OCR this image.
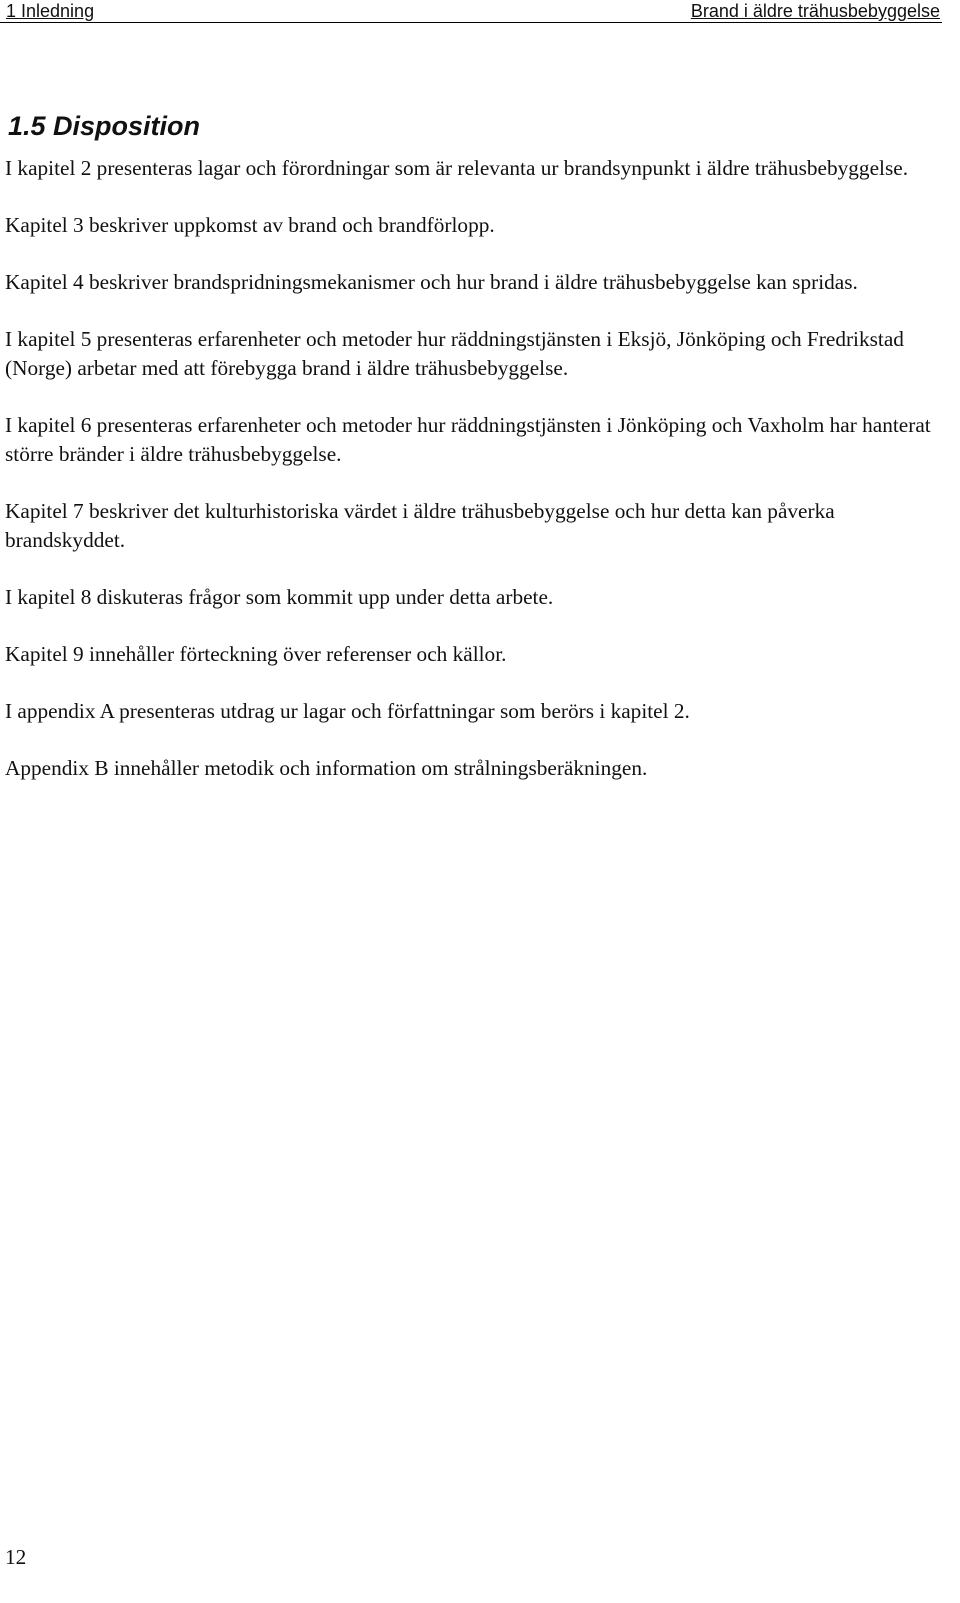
1 Inledning	Brand i äldre trähusbebyggelse
1.5 Disposition

I kapitel 2 presenteras lagar och förordningar som är relevanta ur brandsynpunkt i äldre trähusbebyggelse.

Kapitel 3 beskriver uppkomst av brand och brandförlopp.

Kapitel 4 beskriver brandspridningsmekanismer och hur brand i äldre trähusbebyggelse kan spridas.

I kapitel 5 presenteras erfarenheter och metoder hur räddningstjänsten i Eksjö, Jönköping och Fredrikstad (Norge) arbetar med att förebygga brand i äldre trähusbebyggelse.

I kapitel 6 presenteras erfarenheter och metoder hur räddningstjänsten i Jönköping och Vaxholm har hanterat större bränder i äldre trähusbebyggelse.

Kapitel 7 beskriver det kulturhistoriska värdet i äldre trähusbebyggelse och hur detta kan påverka brandskyddet.

I kapitel 8 diskuteras frågor som kommit upp under detta arbete.

Kapitel 9 innehåller förteckning över referenser och källor.

I appendix A presenteras utdrag ur lagar och författningar som berörs i kapitel 2.

Appendix B innehåller metodik och information om strålningsberäkningen.

12
